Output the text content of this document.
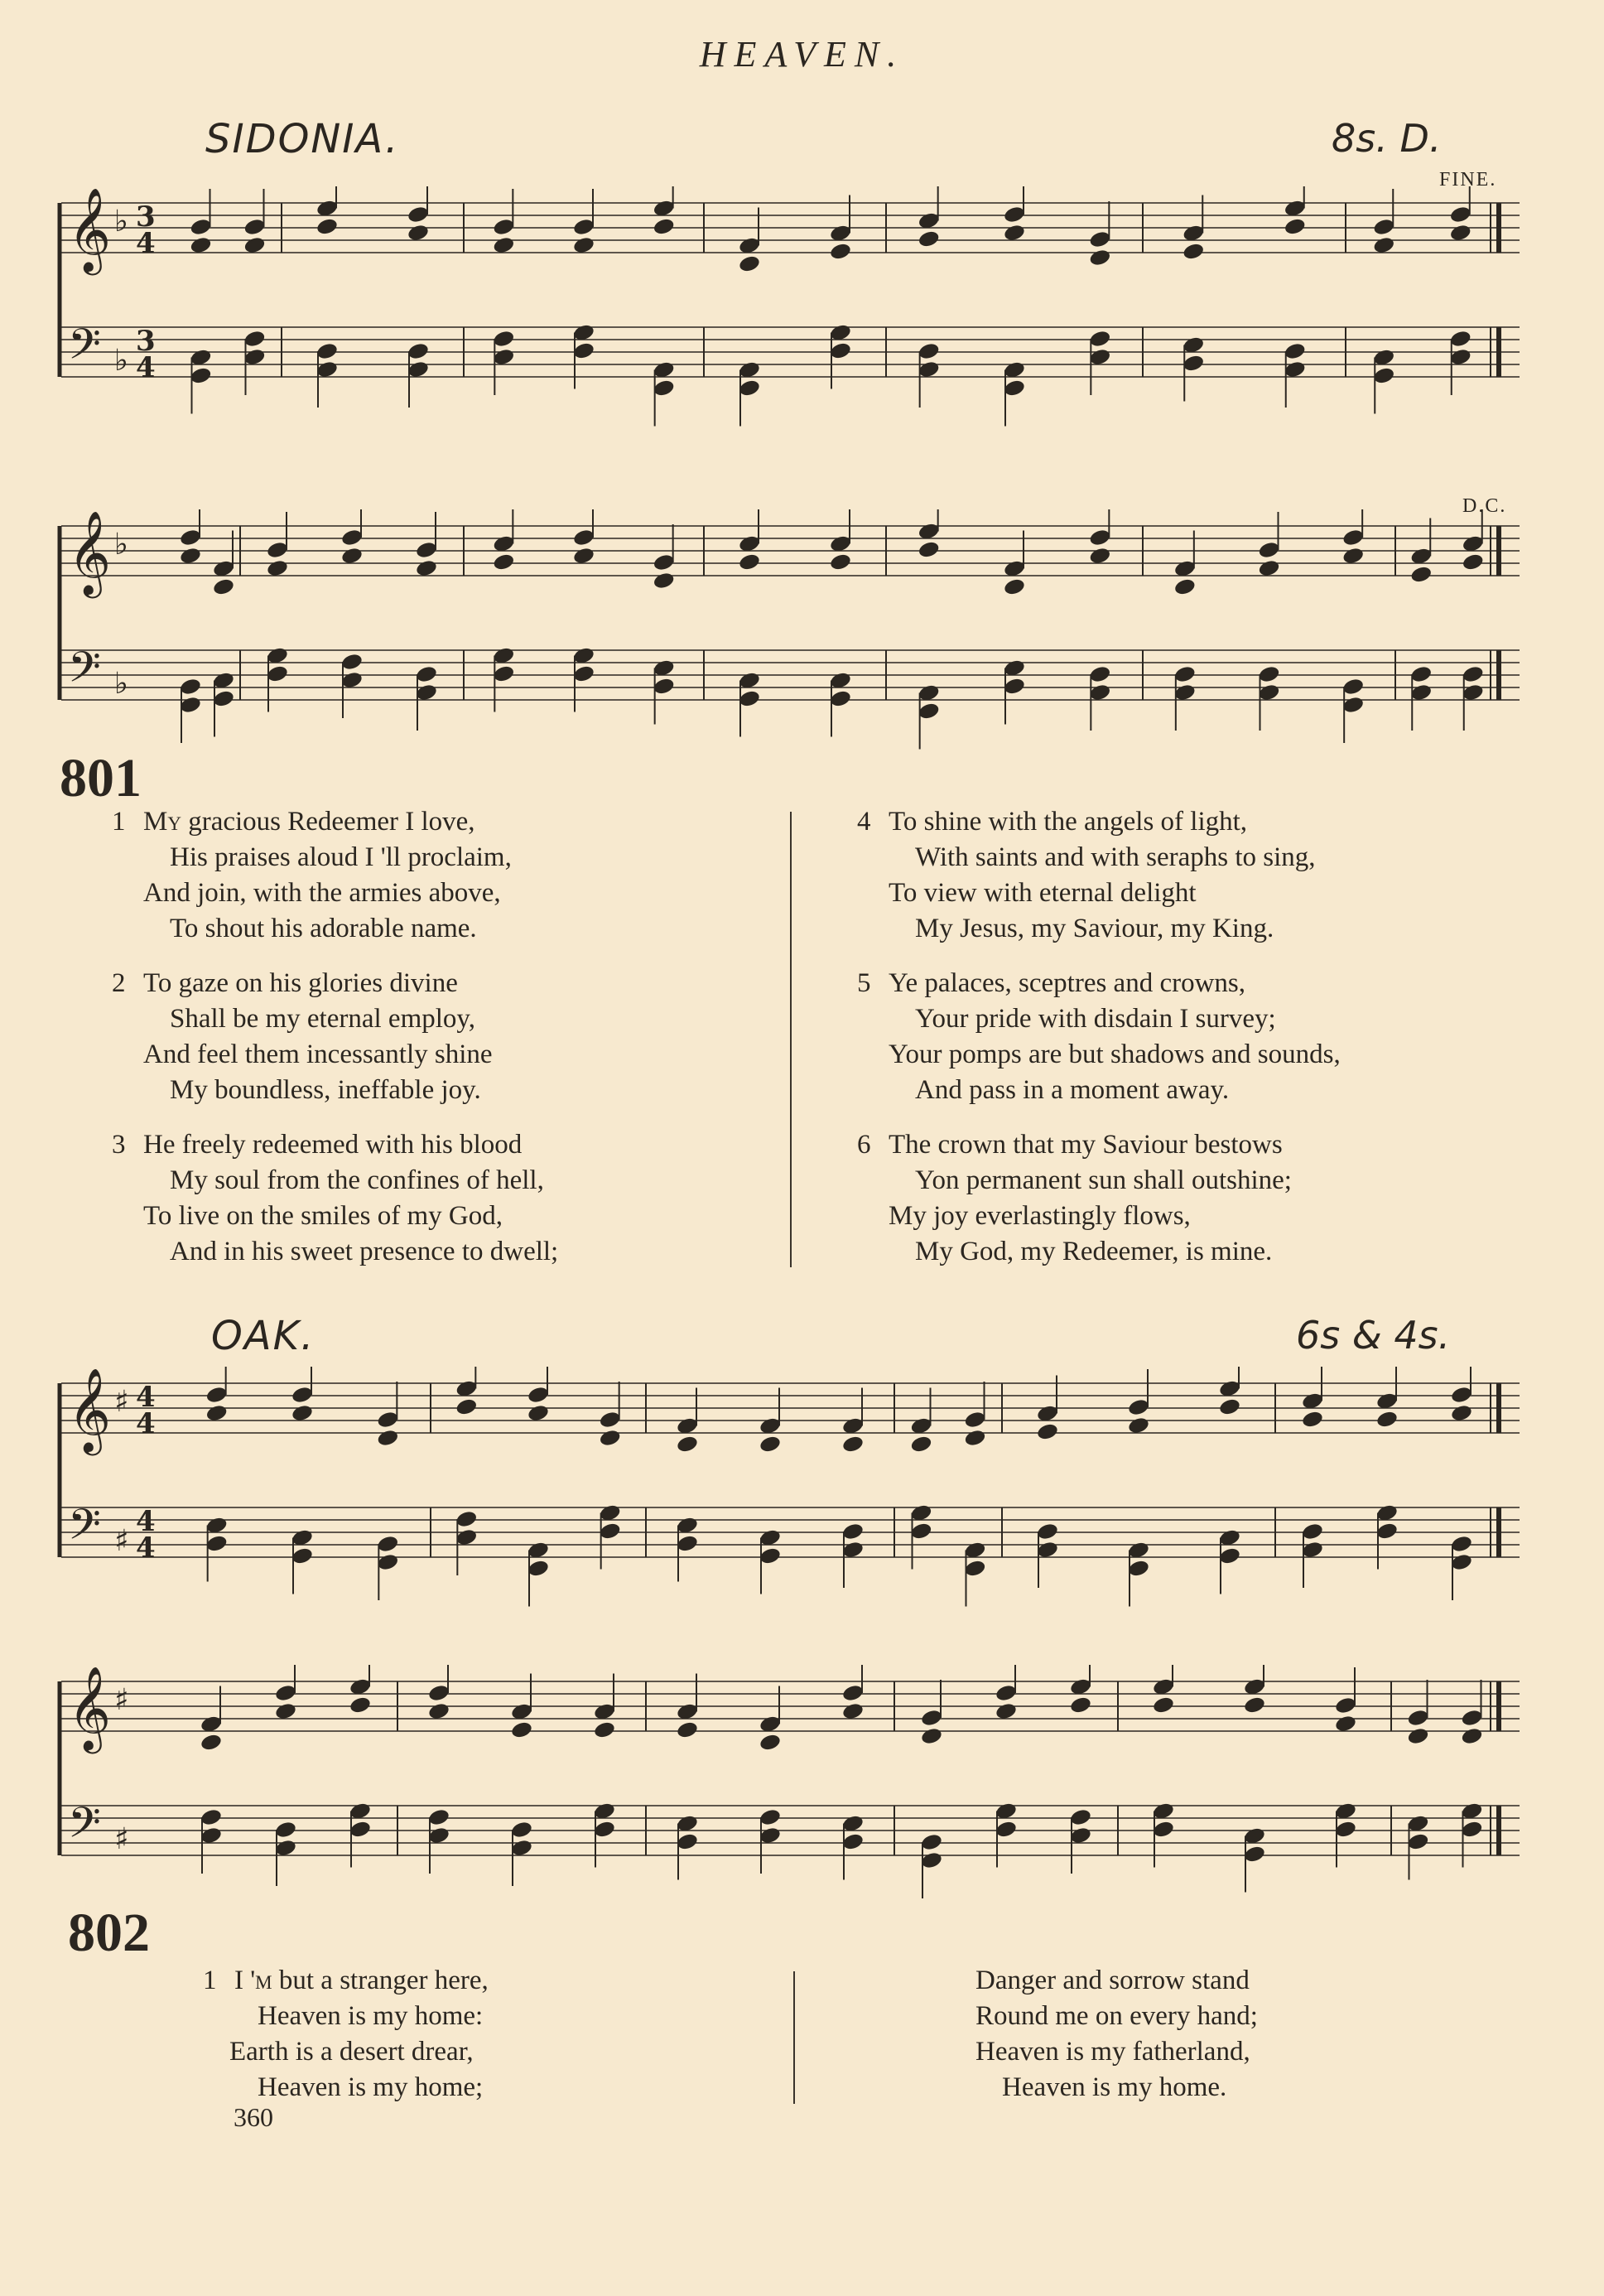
HEAVEN.
SIDONIA.	8s. D.
FINE.
D.C.
𝄞 ♭ 3
4
𝄢 ♭
3
4
𝄞 ♭
𝄢 ♭
801
1 My gracious Redeemer I love,
His praises aloud I 'll proclaim,
And join, with the armies above,
To shout his adorable name.
2 To gaze on his glories divine
Shall be my eternal employ,
And feel them incessantly shine
My boundless, ineffable joy.
3 He freely redeemed with his blood
My soul from the confines of hell,
To live on the smiles of my God,
And in his sweet presence to dwell;
4 To shine with the angels of light,
With saints and with seraphs to sing,
To view with eternal delight
My Jesus, my Saviour, my King.
5 Ye palaces, sceptres and crowns,
Your pride with disdain I survey;
Your pomps are but shadows and sounds,
And pass in a moment away.
6 The crown that my Saviour bestows
Yon permanent sun shall outshine;
My joy everlastingly flows,
My God, my Redeemer, is mine.
OAK.	6s & 4s.
𝄞 ♯ 4
4
𝄢 ♯
4
4
𝄞 ♯
𝄢 ♯
802
1 I 'm but a stranger here,
Heaven is my home:
Earth is a desert drear,
Heaven is my home;
Danger and sorrow stand
Round me on every hand;
Heaven is my fatherland,
Heaven is my home.
360
